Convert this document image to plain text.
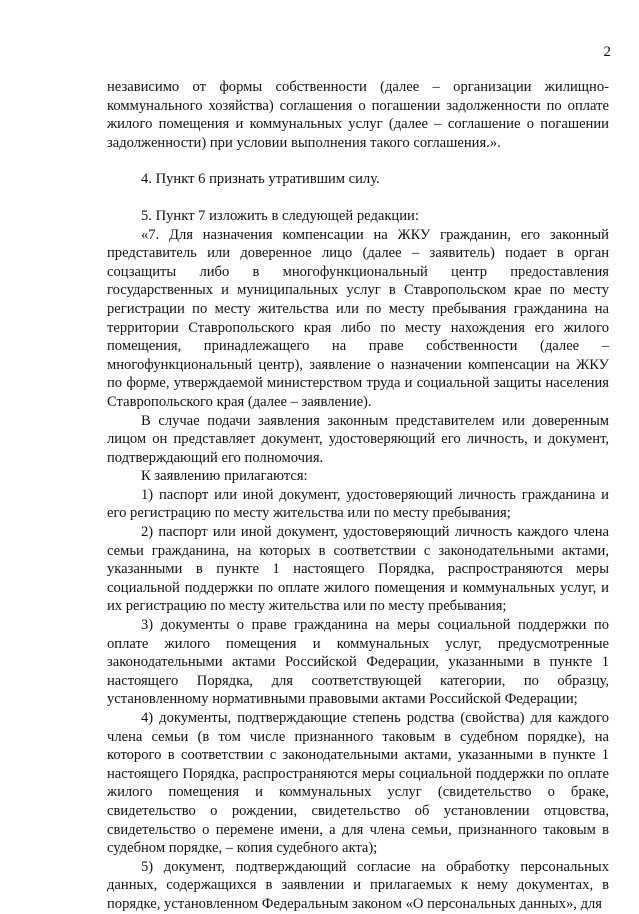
2

независимо от формы собственности (далее – организации жилищно-коммунального хозяйства) соглашения о погашении задолженности по оплате жилого помещения и коммунальных услуг (далее – соглашение о погашении задолженности) при условии выполнения такого соглашения.».

4. Пункт 6 признать утратившим силу.

5. Пункт 7 изложить в следующей редакции:

«7. Для назначения компенсации на ЖКУ гражданин, его законный представитель или доверенное лицо (далее – заявитель) подает в орган соцзащиты либо в многофункциональный центр предоставления государственных и муниципальных услуг в Ставропольском крае по месту регистрации по месту жительства или по месту пребывания гражданина на территории Ставропольского края либо по месту нахождения его жилого помещения, принадлежащего на праве собственности (далее – многофункциональный центр), заявление о назначении компенсации на ЖКУ по форме, утверждаемой министерством труда и социальной защиты населения Ставропольского края (далее – заявление).

В случае подачи заявления законным представителем или доверенным лицом он представляет документ, удостоверяющий его личность, и документ, подтверждающий его полномочия.

К заявлению прилагаются:

1) паспорт или иной документ, удостоверяющий личность гражданина и его регистрацию по месту жительства или по месту пребывания;

2) паспорт или иной документ, удостоверяющий личность каждого члена семьи гражданина, на которых в соответствии с законодательными актами, указанными в пункте 1 настоящего Порядка, распространяются меры социальной поддержки по оплате жилого помещения и коммунальных услуг, и их регистрацию по месту жительства или по месту пребывания;

3) документы о праве гражданина на меры социальной поддержки по оплате жилого помещения и коммунальных услуг, предусмотренные законодательными актами Российской Федерации, указанными в пункте 1 настоящего Порядка, для соответствующей категории, по образцу, установленному нормативными правовыми актами Российской Федерации;

4) документы, подтверждающие степень родства (свойства) для каждого члена семьи (в том числе признанного таковым в судебном порядке), на которого в соответствии с законодательными актами, указанными в пункте 1 настоящего Порядка, распространяются меры социальной поддержки по оплате жилого помещения и коммунальных услуг (свидетельство о браке, свидетельство о рождении, свидетельство об установлении отцовства, свидетельство о перемене имени, а для члена семьи, признанного таковым в судебном порядке, – копия судебного акта);

5) документ, подтверждающий согласие на обработку персональных данных, содержащихся в заявлении и прилагаемых к нему документах, в порядке, установленном Федеральным законом «О персональных данных», для
